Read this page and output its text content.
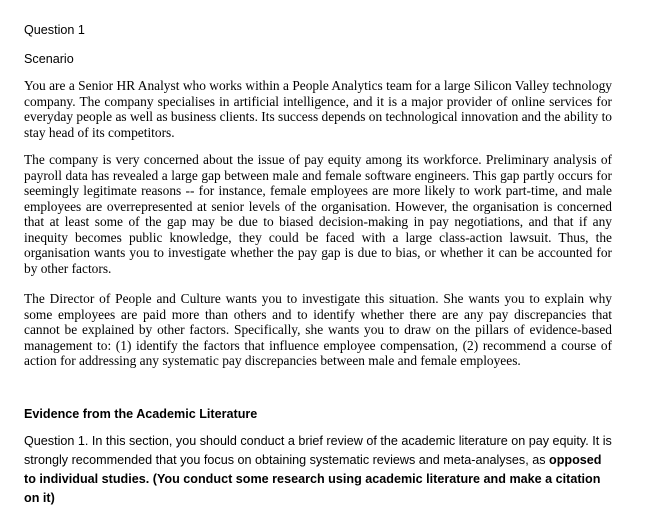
Question 1

Scenario

You are a Senior HR Analyst who works within a People Analytics team for a large Silicon Valley technology company. The company specialises in artificial intelligence, and it is a major provider of online services for everyday people as well as business clients. Its success depends on technological innovation and the ability to stay head of its competitors.

The company is very concerned about the issue of pay equity among its workforce. Preliminary analysis of payroll data has revealed a large gap between male and female software engineers. This gap partly occurs for seemingly legitimate reasons -- for instance, female employees are more likely to work part-time, and male employees are overrepresented at senior levels of the organisation. However, the organisation is concerned that at least some of the gap may be due to biased decision-making in pay negotiations, and that if any inequity becomes public knowledge, they could be faced with a large class-action lawsuit. Thus, the organisation wants you to investigate whether the pay gap is due to bias, or whether it can be accounted for by other factors.

The Director of People and Culture wants you to investigate this situation. She wants you to explain why some employees are paid more than others and to identify whether there are any pay discrepancies that cannot be explained by other factors. Specifically, she wants you to draw on the pillars of evidence-based management to: (1) identify the factors that influence employee compensation, (2) recommend a course of action for addressing any systematic pay discrepancies between male and female employees.

Evidence from the Academic Literature

Question 1. In this section, you should conduct a brief review of the academic literature on pay equity. It is strongly recommended that you focus on obtaining systematic reviews and meta-analyses, as opposed to individual studies. (You conduct some research using academic literature and make a citation on it)
